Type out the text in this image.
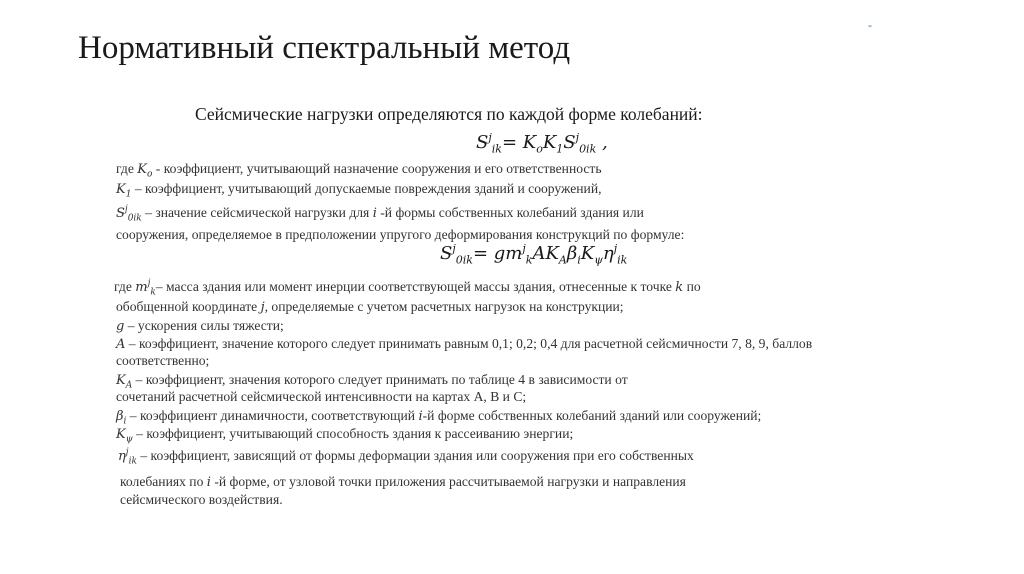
Нормативный спектральный метод
-
Сейсмические нагрузки определяются по каждой форме колебаний:
$S^j_{ik}= K_oK_1S^j_{0ik}$ ,
где $K_o$ - коэффициент, учитывающий назначение сооружения и его ответственность
$K_1$ – коэффициент, учитывающий допускаемые повреждения зданий и сооружений,
$S^j_{0ik}$ – значение сейсмической нагрузки для i -й формы собственных колебаний здания или
сооружения, определяемое в предположении упругого деформирования конструкций по формуле:
$S^j_{0ik}= gm^j_kAK_A\beta_iK_\psi\eta^j_{ik}$
где $m^j_k-$ масса здания или момент инерции соответствующей массы здания, отнесенные к точке k по
обобщенной координате j, определяемые с учетом расчетных нагрузок на конструкции;
g – ускорения силы тяжести;
A – коэффициент, значение которого следует принимать равным 0,1; 0,2; 0,4 для расчетной сейсмичности 7, 8, 9, баллов
соответственно;
$K_A$ – коэффициент, значения которого следует принимать по таблице 4 в зависимости от
сочетаний расчетной сейсмической интенсивности на картах А, В и С;
$\beta_i$ – коэффициент динамичности, соответствующий i-й форме собственных колебаний зданий или сооружений;
$K_\psi$ – коэффициент, учитывающий способность здания к рассеиванию энергии;
$\eta^j_{ik}$ – коэффициент, зависящий от формы деформации здания или сооружения при его собственных
колебаниях по i -й форме, от узловой точки приложения рассчитываемой нагрузки и направления
сейсмического воздействия.
